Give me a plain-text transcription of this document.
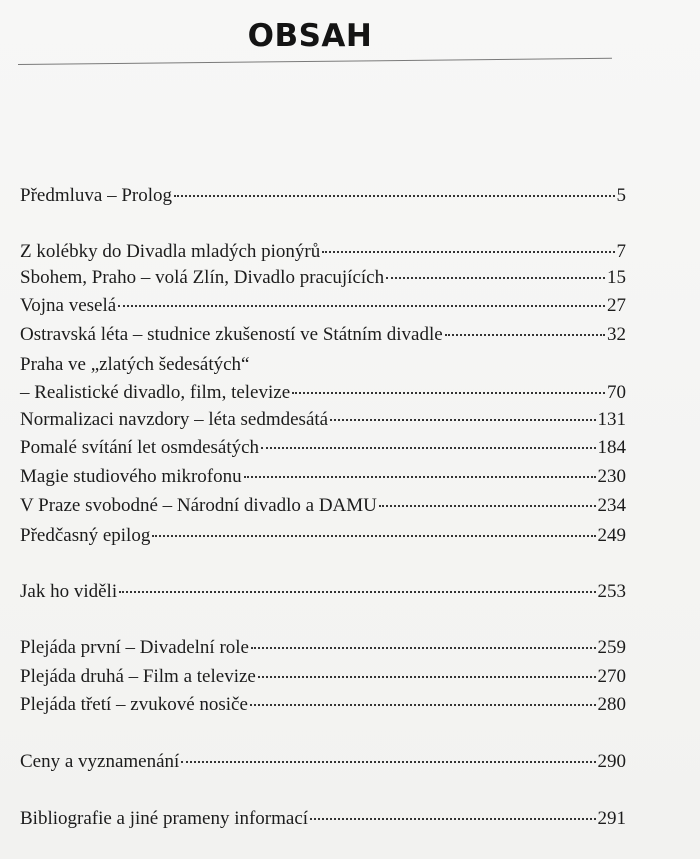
OBSAH
Předmluva – Prolog	5
Z kolébky do Divadla mladých pionýrů	7
Sbohem, Praho – volá Zlín, Divadlo pracujících	15
Vojna veselá	27
Ostravská léta – studnice zkušeností ve Státním divadle	32
Praha ve „zlatých šedesátých“
– Realistické divadlo, film, televize	70
Normalizaci navzdory – léta sedmdesátá	131
Pomalé svítání let osmdesátých	184
Magie studiového mikrofonu	230
V Praze svobodné – Národní divadlo a DAMU	234
Předčasný epilog	249
Jak ho viděli	253
Plejáda první – Divadelní role	259
Plejáda druhá – Film a televize	270
Plejáda třetí – zvukové nosiče	280
Ceny a vyznamenání	290
Bibliografie a jiné prameny informací	291
